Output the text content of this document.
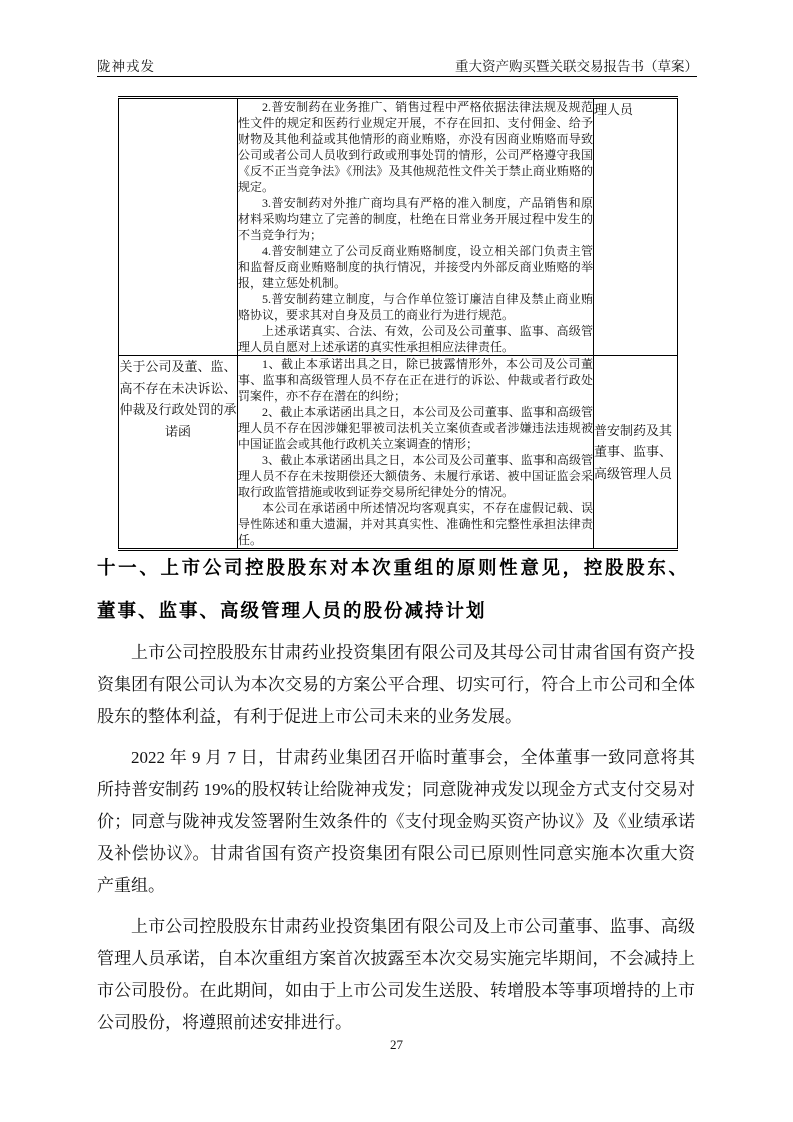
陇神戎发	重大资产购买暨关联交易报告书（草案）

	2.普安制药在业务推广、销售过程中严格依据法律法规及规范性文件的规定和医药行业规定开展，不存在回扣、支付佣金、给予财物及其他利益或其他情形的商业贿赂，亦没有因商业贿赂而导致公司或者公司人员收到行政或刑事处罚的情形，公司严格遵守我国《反不正当竞争法》《刑法》及其他规范性文件关于禁止商业贿赂的规定。

3.普安制药对外推广商均具有严格的准入制度，产品销售和原材料采购均建立了完善的制度，杜绝在日常业务开展过程中发生的不当竞争行为；

4.普安制建立了公司反商业贿赂制度，设立相关部门负责主管和监督反商业贿赂制度的执行情况，并接受内外部反商业贿赂的举报，建立惩处机制。

5.普安制药建立制度，与合作单位签订廉洁自律及禁止商业贿赂协议，要求其对自身及员工的商业行为进行规范。

上述承诺真实、合法、有效，公司及公司董事、监事、高级管理人员自愿对上述承诺的真实性承担相应法律责任。	理人员
关于公司及董、监、高不存在未决诉讼、仲裁及行政处罚的承诺函	1、截止本承诺出具之日，除已披露情形外，本公司及公司董事、监事和高级管理人员不存在正在进行的诉讼、仲裁或者行政处罚案件，亦不存在潜在的纠纷；

2、截止本承诺函出具之日，本公司及公司董事、监事和高级管理人员不存在因涉嫌犯罪被司法机关立案侦查或者涉嫌违法违规被中国证监会或其他行政机关立案调查的情形；

3、截止本承诺函出具之日，本公司及公司董事、监事和高级管理人员不存在未按期偿还大额债务、未履行承诺、被中国证监会采取行政监管措施或收到证券交易所纪律处分的情况。

本公司在承诺函中所述情况均客观真实，不存在虚假记载、误导性陈述和重大遗漏，并对其真实性、准确性和完整性承担法律责任。	普安制药及其董事、监事、高级管理人员
十一、上市公司控股股东对本次重组的原则性意见，控股股东、董事、监事、高级管理人员的股份减持计划

上市公司控股股东甘肃药业投资集团有限公司及其母公司甘肃省国有资产投资集团有限公司认为本次交易的方案公平合理、切实可行，符合上市公司和全体股东的整体利益，有利于促进上市公司未来的业务发展。

2022 年 9 月 7 日，甘肃药业集团召开临时董事会，全体董事一致同意将其所持普安制药 19%的股权转让给陇神戎发；同意陇神戎发以现金方式支付交易对价；同意与陇神戎发签署附生效条件的《支付现金购买资产协议》及《业绩承诺及补偿协议》。甘肃省国有资产投资集团有限公司已原则性同意实施本次重大资产重组。

上市公司控股股东甘肃药业投资集团有限公司及上市公司董事、监事、高级管理人员承诺，自本次重组方案首次披露至本次交易实施完毕期间，不会减持上市公司股份。在此期间，如由于上市公司发生送股、转增股本等事项增持的上市公司股份，将遵照前述安排进行。

27
